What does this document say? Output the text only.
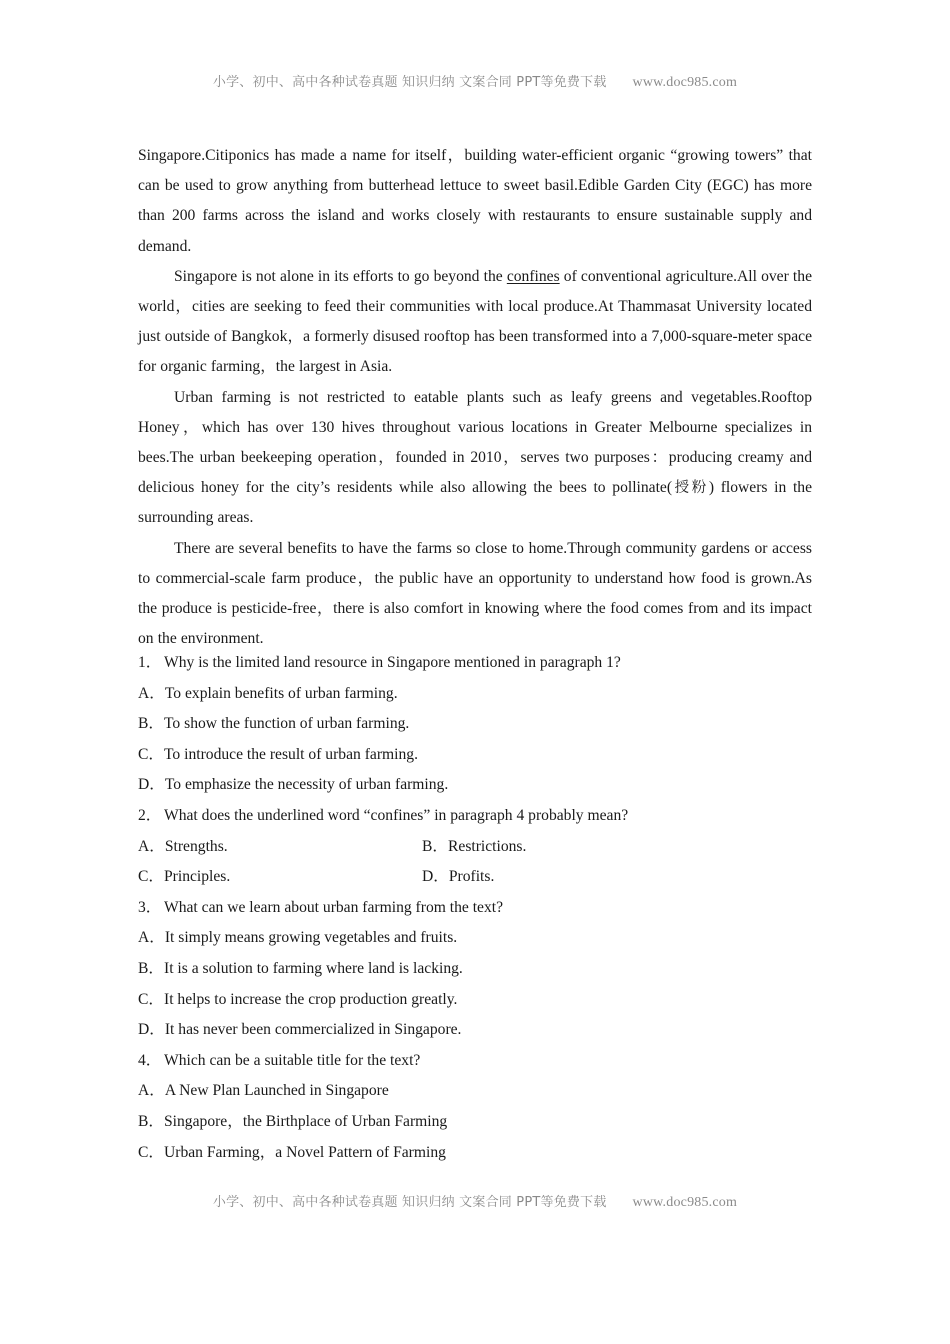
小学、初中、高中各种试卷真题 知识归纳 文案合同 PPT等免费下载 www.doc985.com

Singapore.Citiponics has made a name for itself，building water-efficient organic “growing towers” that can be used to grow anything from butterhead lettuce to sweet basil.Edible Garden City (EGC) has more than 200 farms across the island and works closely with restaurants to ensure sustainable supply and demand.

Singapore is not alone in its efforts to go beyond the confines of conventional agriculture.All over the world，cities are seeking to feed their communities with local produce.At Thammasat University located just outside of Bangkok，a formerly disused rooftop has been transformed into a 7,000-square-meter space for organic farming，the largest in Asia.

Urban farming is not restricted to eatable plants such as leafy greens and vegetables.Rooftop Honey，which has over 130 hives throughout various locations in Greater Melbourne specializes in bees.The urban beekeeping operation，founded in 2010，serves two purposes：producing creamy and delicious honey for the city’s residents while also allowing the bees to pollinate(授粉) flowers in the surrounding areas.

There are several benefits to have the farms so close to home.Through community gardens or access to commercial-scale farm produce，the public have an opportunity to understand how food is grown.As the produce is pesticide-free，there is also comfort in knowing where the food comes from and its impact on the environment.

1． Why is the limited land resource in Singapore mentioned in paragraph 1?
A．To explain benefits of urban farming.
B．To show the function of urban farming.
C．To introduce the result of urban farming.
D．To emphasize the necessity of urban farming.
2． What does the underlined word “confines” in paragraph 4 probably mean?
A．Strengths.	B．Restrictions.
C．Principles.	D．Profits.
3． What can we learn about urban farming from the text?
A．It simply means growing vegetables and fruits.
B．It is a solution to farming where land is lacking.
C．It helps to increase the crop production greatly.
D．It has never been commercialized in Singapore.
4． Which can be a suitable title for the text?
A．A New Plan Launched in Singapore
B．Singapore，the Birthplace of Urban Farming
C．Urban Farming，a Novel Pattern of Farming
小学、初中、高中各种试卷真题 知识归纳 文案合同 PPT等免费下载 www.doc985.com
